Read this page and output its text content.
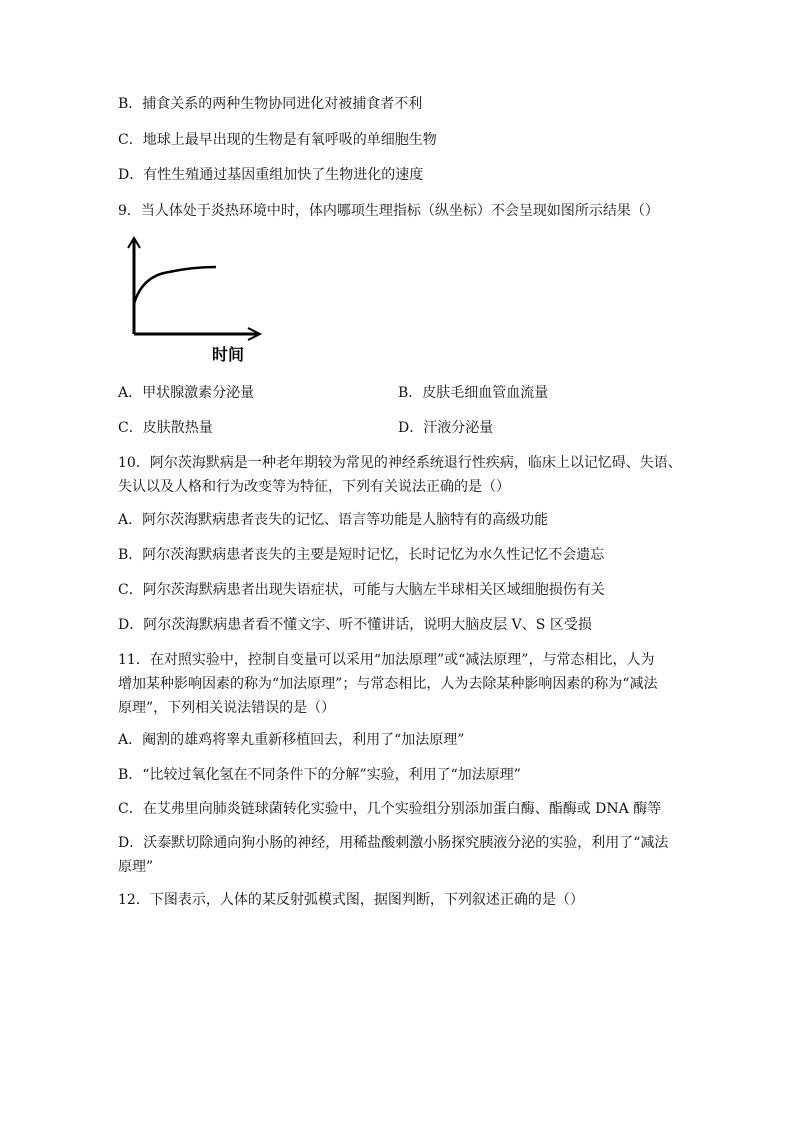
B．捕食关系的两种生物协同进化对被捕食者不利
C．地球上最早出现的生物是有氧呼吸的单细胞生物
D．有性生殖通过基因重组加快了生物进化的速度
9．当人体处于炎热环境中时，体内哪项生理指标（纵坐标）不会呈现如图所示结果（）
时间
A．甲状腺激素分泌量	B．皮肤毛细血管血流量
C．皮肤散热量	D．汗液分泌量
10．阿尔茨海默病是一种老年期较为常见的神经系统退行性疾病，临床上以记忆碍、失语、
失认以及人格和行为改变等为特征，下列有关说法正确的是（）
A．阿尔茨海默病患者丧失的记忆、语言等功能是人脑特有的高级功能
B．阿尔茨海默病患者丧失的主要是短时记忆，长时记忆为水久性记忆不会遗忘
C．阿尔茨海默病患者出现失语症状，可能与大脑左半球相关区域细胞损伤有关
D．阿尔茨海默病患者看不懂文字、听不懂讲话，说明大脑皮层 V、S 区受损
11．在对照实验中，控制自变量可以采用“加法原理”或“减法原理”，与常态相比，人为
增加某种影响因素的称为“加法原理”；与常态相比，人为去除某种影响因素的称为“减法
原理”，下列相关说法错误的是（）
A．阉割的雄鸡将睾丸重新移植回去，利用了“加法原理”
B．“比较过氧化氢在不同条件下的分解”实验，利用了“加法原理”
C．在艾弗里向肺炎链球菌转化实验中，几个实验组分别添加蛋白酶、酯酶或 DNA 酶等
D．沃泰默切除通向狗小肠的神经，用稀盐酸刺激小肠探究胰液分泌的实验，利用了“减法
原理”
12．下图表示，人体的某反射弧模式图，据图判断，下列叙述正确的是（）
